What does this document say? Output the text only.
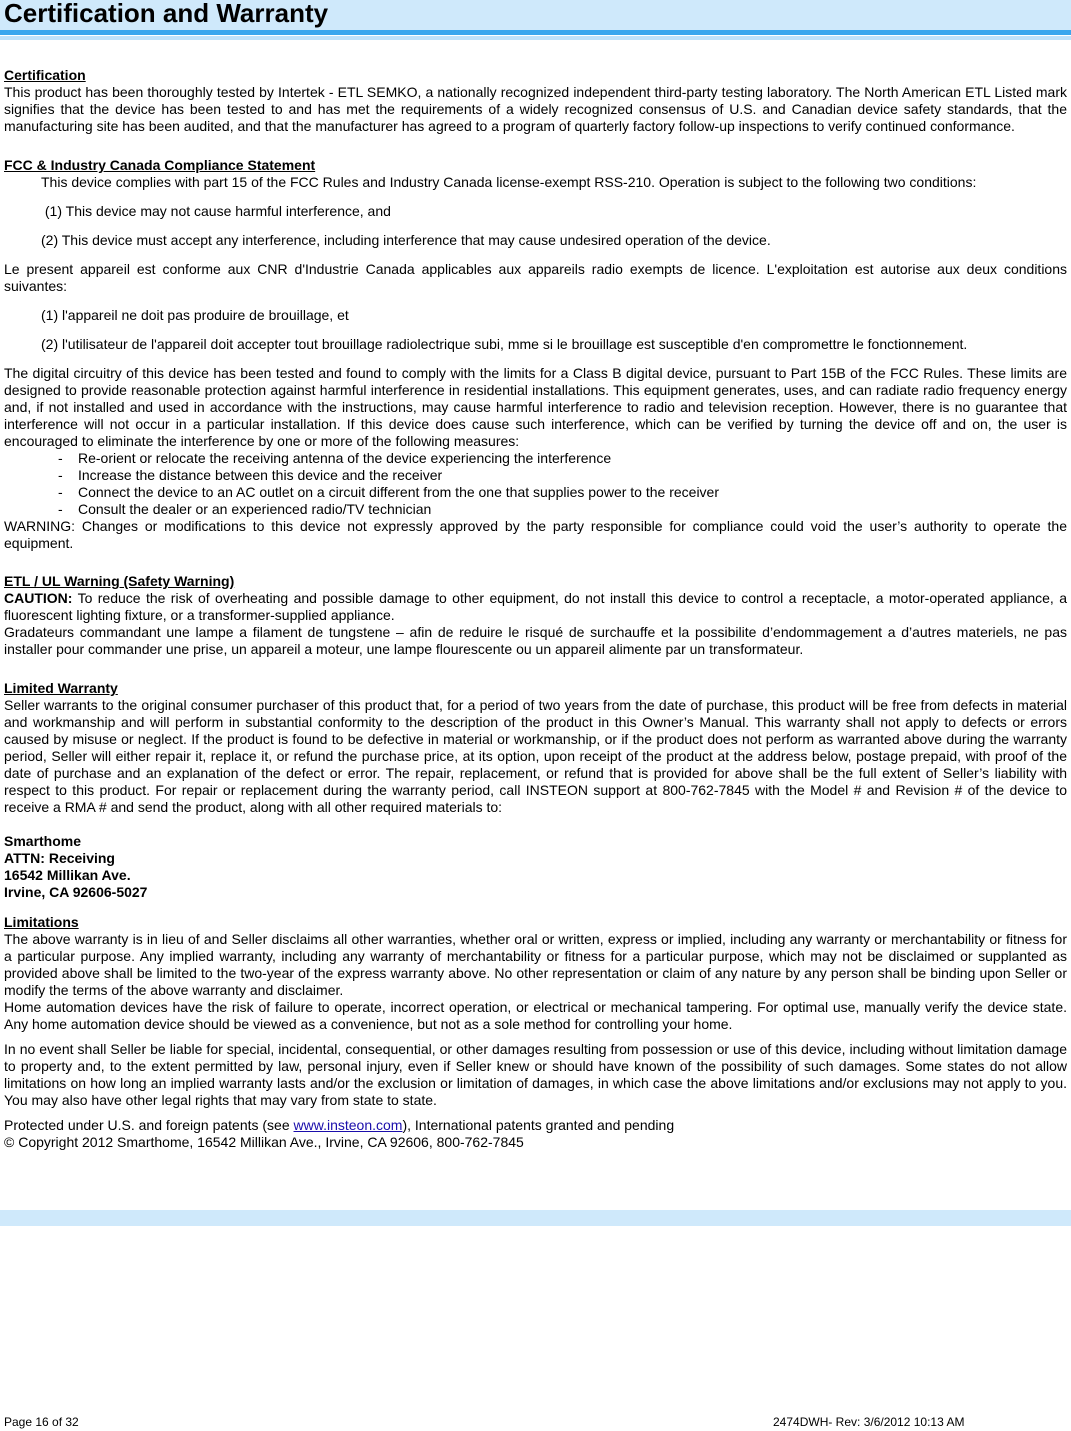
Certification and Warranty

Certification

This product has been thoroughly tested by Intertek - ETL SEMKO, a nationally recognized independent third-party testing laboratory. The North American ETL Listed mark signifies that the device has been tested to and has met the requirements of a widely recognized consensus of U.S. and Canadian device safety standards, that the manufacturing site has been audited, and that the manufacturer has agreed to a program of quarterly factory follow-up inspections to verify continued conformance.

FCC & Industry Canada Compliance Statement

This device complies with part 15 of the FCC Rules and Industry Canada license-exempt RSS-210. Operation is subject to the following two conditions:

(1) This device may not cause harmful interference, and

(2) This device must accept any interference, including interference that may cause undesired operation of the device.

Le present appareil est conforme aux CNR d'Industrie Canada applicables aux appareils radio exempts de licence. L'exploitation est autorise aux deux conditions suivantes:

(1) l'appareil ne doit pas produire de brouillage, et

(2) l'utilisateur de l'appareil doit accepter tout brouillage radiolectrique subi, mme si le brouillage est susceptible d'en compromettre le fonctionnement.

The digital circuitry of this device has been tested and found to comply with the limits for a Class B digital device, pursuant to Part 15B of the FCC Rules. These limits are designed to provide reasonable protection against harmful interference in residential installations. This equipment generates, uses, and can radiate radio frequency energy and, if not installed and used in accordance with the instructions, may cause harmful interference to radio and television reception. However, there is no guarantee that interference will not occur in a particular installation. If this device does cause such interference, which can be verified by turning the device off and on, the user is encouraged to eliminate the interference by one or more of the following measures:

- Re-orient or relocate the receiving antenna of the device experiencing the interference
- Increase the distance between this device and the receiver
- Connect the device to an AC outlet on a circuit different from the one that supplies power to the receiver
- Consult the dealer or an experienced radio/TV technician

WARNING: Changes or modifications to this device not expressly approved by the party responsible for compliance could void the user’s authority to operate the equipment.

ETL / UL Warning (Safety Warning)

CAUTION: To reduce the risk of overheating and possible damage to other equipment, do not install this device to control a receptacle, a motor-operated appliance, a fluorescent lighting fixture, or a transformer-supplied appliance.

Gradateurs commandant une lampe a filament de tungstene – afin de reduire le risqué de surchauffe et la possibilite d’endommagement a d’autres materiels, ne pas installer pour commander une prise, un appareil a moteur, une lampe flourescente ou un appareil alimente par un transformateur.

Limited Warranty

Seller warrants to the original consumer purchaser of this product that, for a period of two years from the date of purchase, this product will be free from defects in material and workmanship and will perform in substantial conformity to the description of the product in this Owner’s Manual. This warranty shall not apply to defects or errors caused by misuse or neglect. If the product is found to be defective in material or workmanship, or if the product does not perform as warranted above during the warranty period, Seller will either repair it, replace it, or refund the purchase price, at its option, upon receipt of the product at the address below, postage prepaid, with proof of the date of purchase and an explanation of the defect or error. The repair, replacement, or refund that is provided for above shall be the full extent of Seller’s liability with respect to this product. For repair or replacement during the warranty period, call INSTEON support at 800-762-7845 with the Model # and Revision # of the device to receive a RMA # and send the product, along with all other required materials to:

Smarthome

ATTN: Receiving

16542 Millikan Ave.

Irvine, CA 92606-5027

Limitations

The above warranty is in lieu of and Seller disclaims all other warranties, whether oral or written, express or implied, including any warranty or merchantability or fitness for a particular purpose. Any implied warranty, including any warranty of merchantability or fitness for a particular purpose, which may not be disclaimed or supplanted as provided above shall be limited to the two-year of the express warranty above. No other representation or claim of any nature by any person shall be binding upon Seller or modify the terms of the above warranty and disclaimer.

Home automation devices have the risk of failure to operate, incorrect operation, or electrical or mechanical tampering. For optimal use, manually verify the device state. Any home automation device should be viewed as a convenience, but not as a sole method for controlling your home.

In no event shall Seller be liable for special, incidental, consequential, or other damages resulting from possession or use of this device, including without limitation damage to property and, to the extent permitted by law, personal injury, even if Seller knew or should have known of the possibility of such damages. Some states do not allow limitations on how long an implied warranty lasts and/or the exclusion or limitation of damages, in which case the above limitations and/or exclusions may not apply to you. You may also have other legal rights that may vary from state to state.

Protected under U.S. and foreign patents (see www.insteon.com), International patents granted and pending

© Copyright 2012 Smarthome, 16542 Millikan Ave., Irvine, CA 92606, 800-762-7845

Page 16 of 32	2474DWH- Rev: 3/6/2012 10:13 AM
